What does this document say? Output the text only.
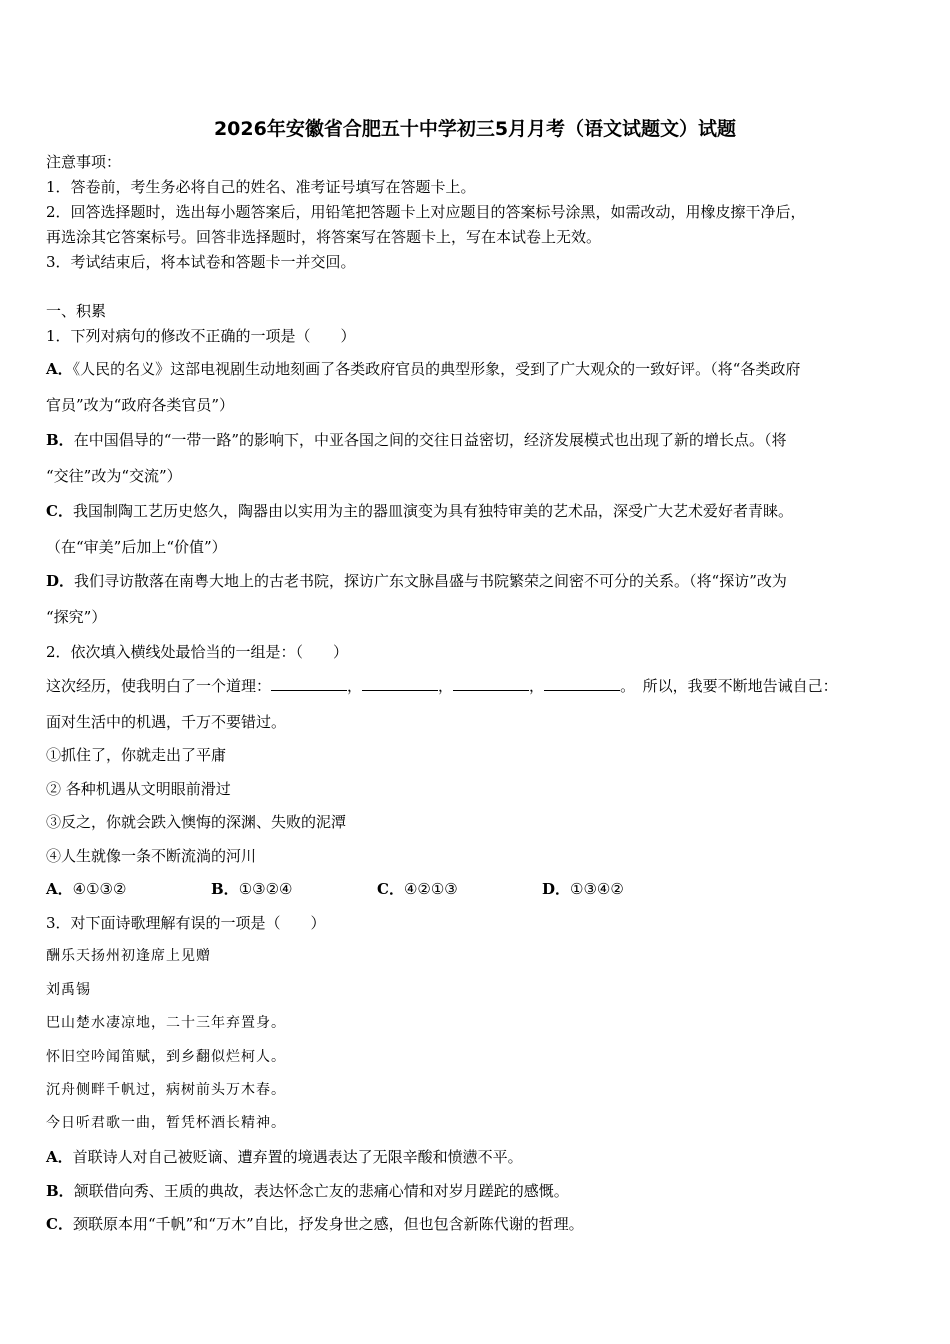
2026年安徽省合肥五十中学初三5月月考（语文试题文）试题
注意事项：
1．答卷前，考生务必将自己的姓名、准考证号填写在答题卡上。
2．回答选择题时，选出每小题答案后，用铅笔把答题卡上对应题目的答案标号涂黑，如需改动，用橡皮擦干净后，
再选涂其它答案标号。回答非选择题时，将答案写在答题卡上，写在本试卷上无效。
3．考试结束后，将本试卷和答题卡一并交回。
一、积累
1．下列对病句的修改不正确的一项是（　　）
A．《人民的名义》这部电视剧生动地刻画了各类政府官员的典型形象，受到了广大观众的一致好评。（将“各类政府
官员”改为“政府各类官员”）
B．在中国倡导的“一带一路”的影响下，中亚各国之间的交往日益密切，经济发展模式也出现了新的增长点。（将
“交往”改为“交流”）
C．我国制陶工艺历史悠久，陶器由以实用为主的器皿演变为具有独特审美的艺术品，深受广大艺术爱好者青睐。
（在“审美”后加上“价值”）
D．我们寻访散落在南粤大地上的古老书院，探访广东文脉昌盛与书院繁荣之间密不可分的关系。（将“探访”改为
“探究”）
2．依次填入横线处最恰当的一组是：（　　）
这次经历，使我明白了一个道理：	，	，	，	。　所以，我要不断地告诫自己：
面对生活中的机遇，千万不要错过。
①抓住了，你就走出了平庸
② 各种机遇从文明眼前滑过
③反之，你就会跌入懊悔的深渊、失败的泥潭
④人生就像一条不断流淌的河川
A．④①③②	B．①③②④	C．④②①③	D．①③④②
3．对下面诗歌理解有误的一项是（　　）
酬乐天扬州初逢席上见赠
刘禹锡
巴山楚水凄凉地，二十三年弃置身。
怀旧空吟闻笛赋，到乡翻似烂柯人。
沉舟侧畔千帆过，病树前头万木春。
今日听君歌一曲，暂凭杯酒长精神。
A．首联诗人对自己被贬谪、遭弃置的境遇表达了无限辛酸和愤懑不平。
B．颔联借向秀、王质的典故，表达怀念亡友的悲痛心情和对岁月蹉跎的感慨。
C．颈联原本用“千帆”和“万木”自比，抒发身世之感，但也包含新陈代谢的哲理。
